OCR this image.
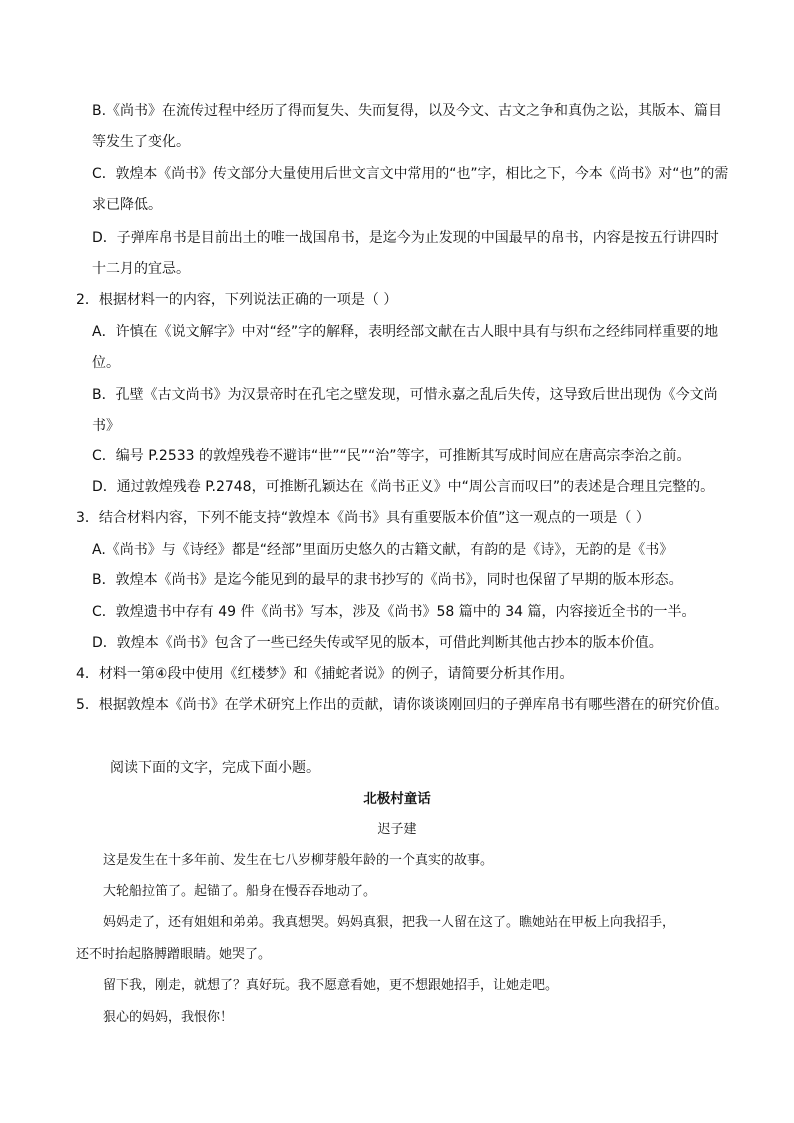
B.《尚书》在流传过程中经历了得而复失、失而复得，以及今文、古文之争和真伪之讼，其版本、篇目
等发生了变化。
C．敦煌本《尚书》传文部分大量使用后世文言文中常用的“也”字，相比之下，今本《尚书》对“也”的需
求已降低。
D．子弹库帛书是目前出土的唯一战国帛书，是迄今为止发现的中国最早的帛书，内容是按五行讲四时
十二月的宜忌。
2．根据材料一的内容，下列说法正确的一项是（ ）
A．许慎在《说文解字》中对“经”字的解释，表明经部文献在古人眼中具有与织布之经纬同样重要的地
位。
B．孔壁《古文尚书》为汉景帝时在孔宅之壁发现，可惜永嘉之乱后失传，这导致后世出现伪《今文尚
书》
C．编号 P.2533 的敦煌残卷不避讳“世”“民”“治”等字，可推断其写成时间应在唐高宗李治之前。
D．通过敦煌残卷 P.2748，可推断孔颖达在《尚书正义》中“周公言而叹曰”的表述是合理且完整的。
3．结合材料内容，下列不能支持“敦煌本《尚书》具有重要版本价值”这一观点的一项是（ ）
A.《尚书》与《诗经》都是“经部”里面历史悠久的古籍文献，有韵的是《诗》，无韵的是《书》
B．敦煌本《尚书》是迄今能见到的最早的隶书抄写的《尚书》，同时也保留了早期的版本形态。
C．敦煌遗书中存有 49 件《尚书》写本，涉及《尚书》58 篇中的 34 篇，内容接近全书的一半。
D．敦煌本《尚书》包含了一些已经失传或罕见的版本，可借此判断其他古抄本的版本价值。
4．材料一第④段中使用《红楼梦》和《捕蛇者说》的例子，请简要分析其作用。
5．根据敦煌本《尚书》在学术研究上作出的贡献，请你谈谈刚回归的子弹库帛书有哪些潜在的研究价值。
阅读下面的文字，完成下面小题。
北极村童话
迟子建
这是发生在十多年前、发生在七八岁柳芽般年龄的一个真实的故事。
大轮船拉笛了。起锚了。船身在慢吞吞地动了。
妈妈走了，还有姐姐和弟弟。我真想哭。妈妈真狠，把我一人留在这了。瞧她站在甲板上向我招手，
还不时抬起胳膊蹭眼睛。她哭了。
留下我，刚走，就想了？真好玩。我不愿意看她，更不想跟她招手，让她走吧。
狠心的妈妈，我恨你！
